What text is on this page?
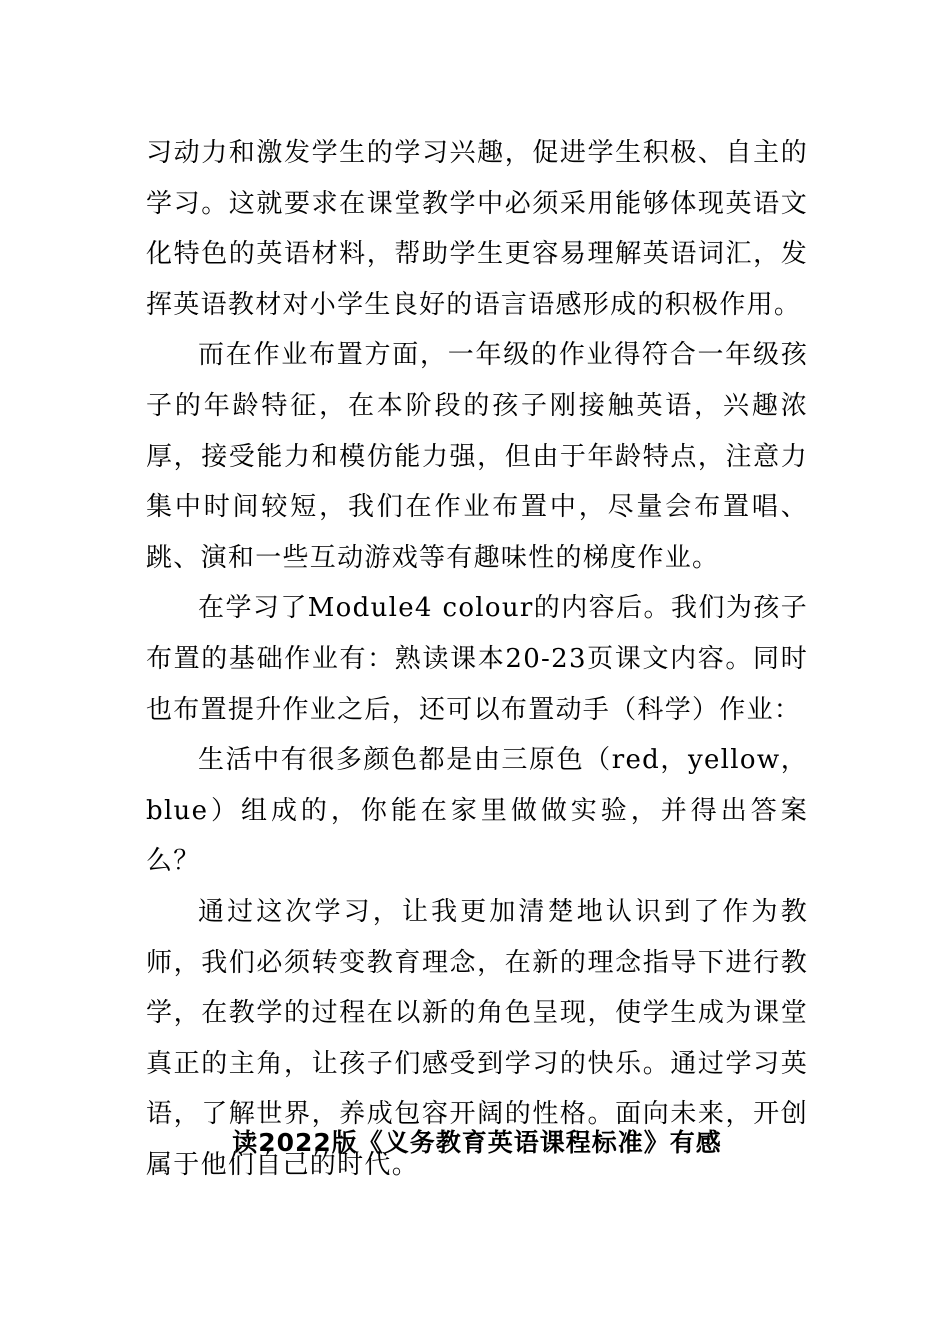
习动力和激发学生的学习兴趣，促进学生积极、自主的学习。这就要求在课堂教学中必须采用能够体现英语文化特色的英语材料，帮助学生更容易理解英语词汇，发挥英语教材对小学生良好的语言语感形成的积极作用。

而在作业布置方面，一年级的作业得符合一年级孩子的年龄特征，在本阶段的孩子刚接触英语，兴趣浓厚，接受能力和模仿能力强，但由于年龄特点，注意力集中时间较短，我们在作业布置中，尽量会布置唱、跳、演和一些互动游戏等有趣味性的梯度作业。

在学习了Module4 colour的内容后。我们为孩子布置的基础作业有：熟读课本20-23页课文内容。同时也布置提升作业之后，还可以布置动手（科学）作业：

生活中有很多颜色都是由三原色（red，yellow，blue）组成的，你能在家里做做实验，并得出答案么？

通过这次学习，让我更加清楚地认识到了作为教师，我们必须转变教育理念，在新的理念指导下进行教学，在教学的过程在以新的角色呈现，使学生成为课堂真正的主角，让孩子们感受到学习的快乐。通过学习英语，了解世界，养成包容开阔的性格。面向未来，开创属于他们自己的时代。

读2022版《义务教育英语课程标准》有感
